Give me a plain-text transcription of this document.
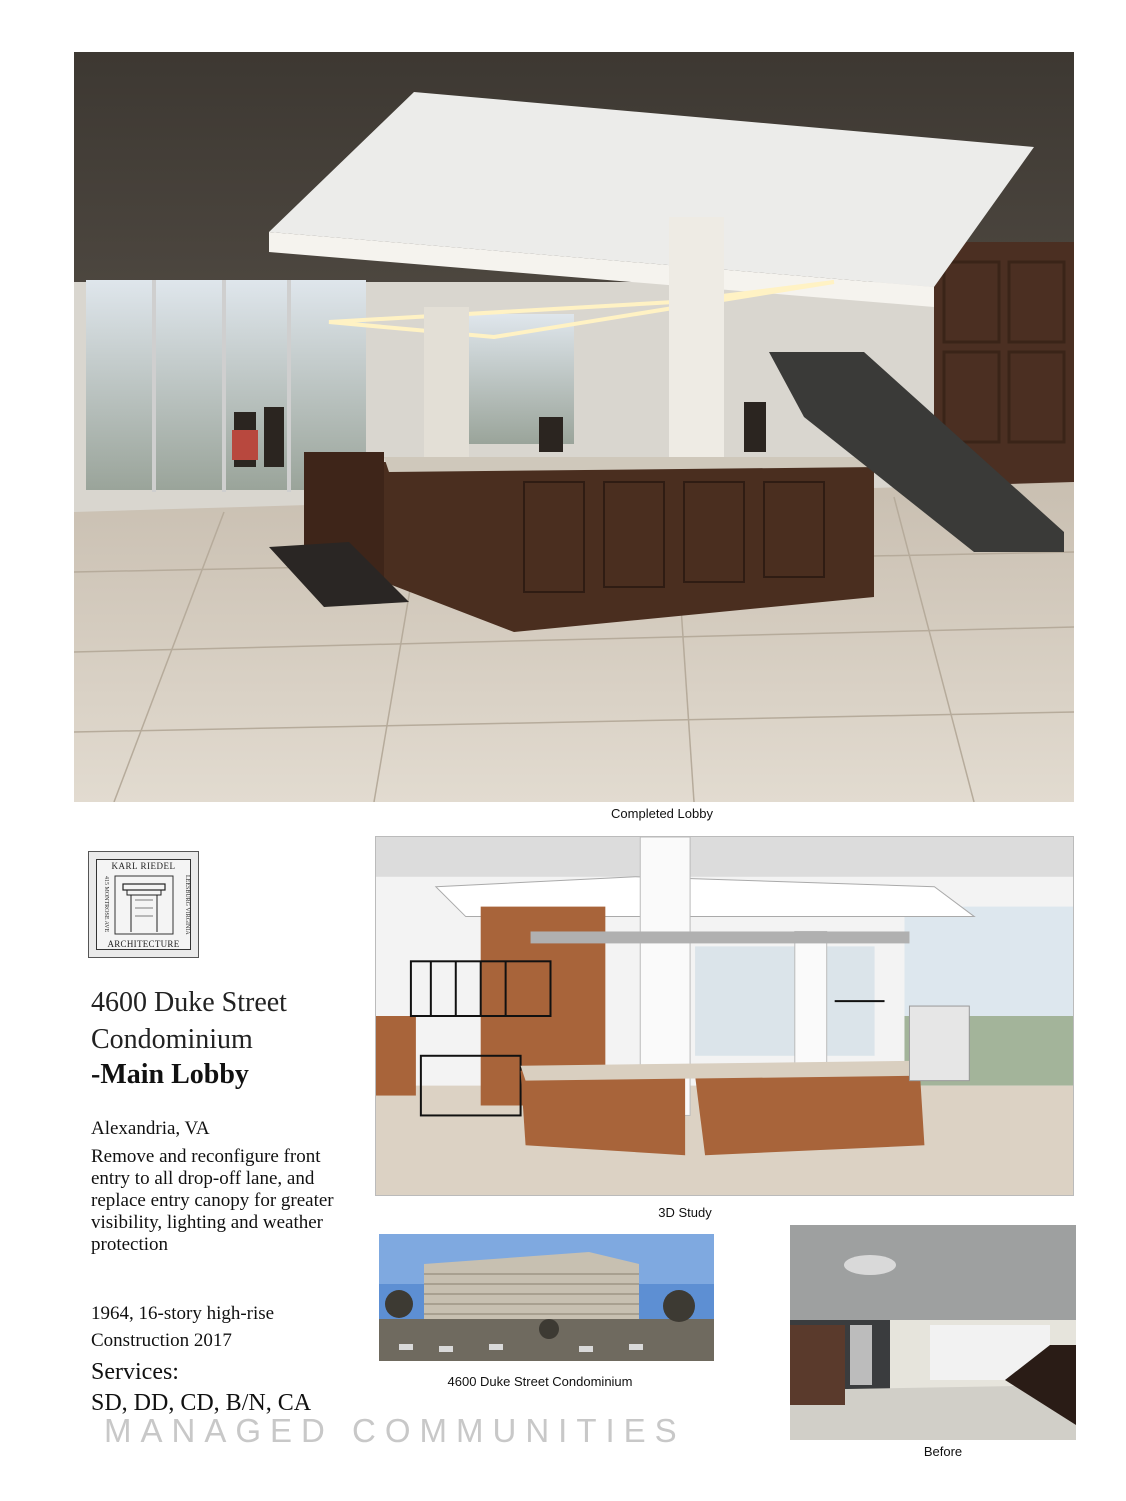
Completed Lobby
KARL RIEDEL
415 MONTROSE AVE	LEESBURG VIRGINIA
ARCHITECTURE
3D Study
4600 Duke Street Condominium
Before
4600 Duke Street
Condominium
-Main Lobby
Alexandria, VA
Remove and reconfigure front entry to all drop-off lane, and replace entry canopy for greater visibility, lighting and weather protection
1964, 16-story high-rise
Construction 2017
Services:
SD, DD, CD, B/N, CA
MANAGED COMMUNITIES
